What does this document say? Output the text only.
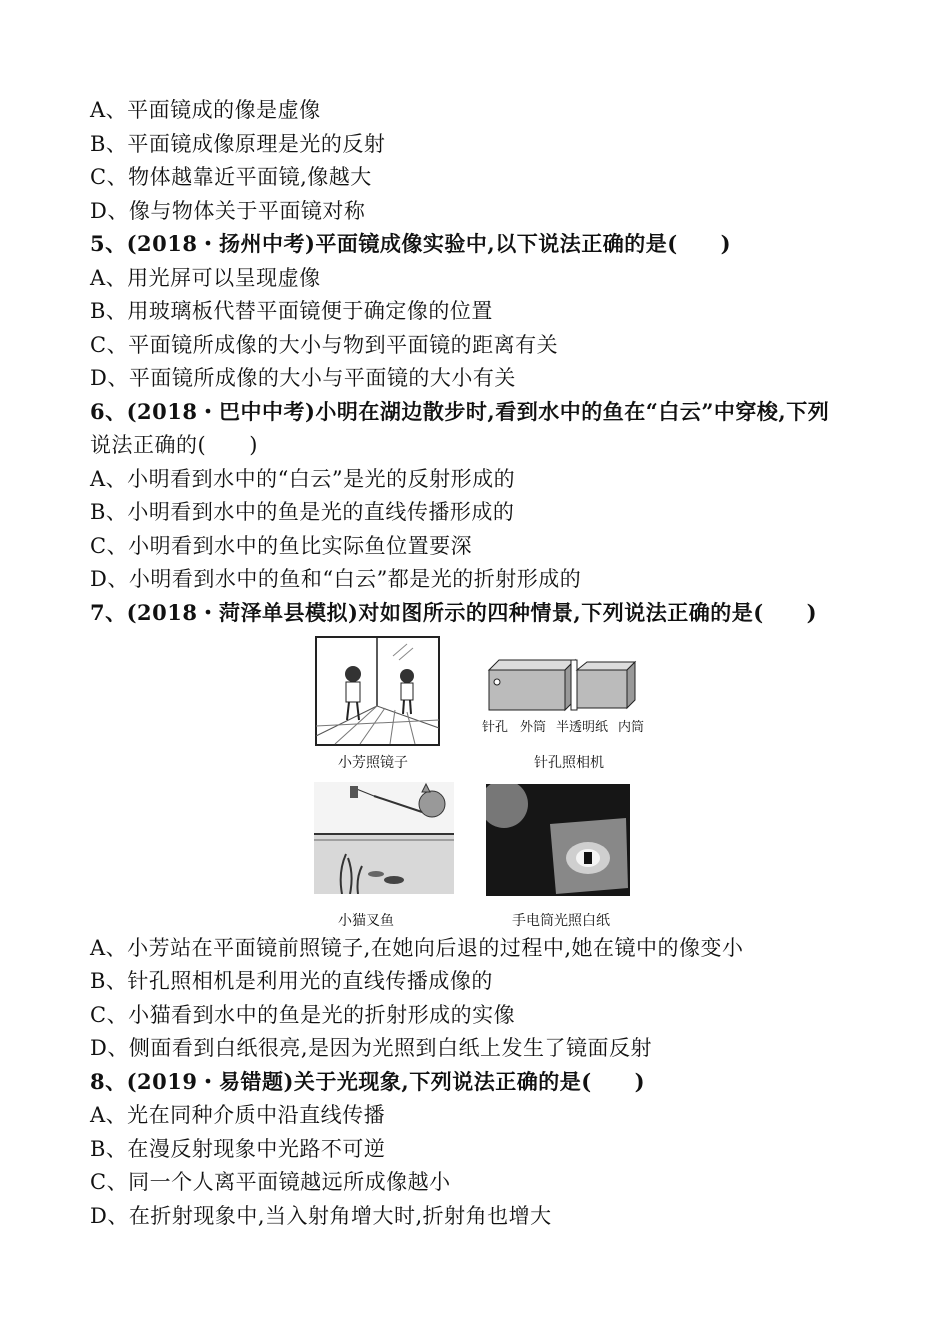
A、平面镜成的像是虚像
B、平面镜成像原理是光的反射
C、物体越靠近平面镜,像越大
D、像与物体关于平面镜对称
5、(2018・扬州中考)平面镜成像实验中,以下说法正确的是(　　)
A、用光屏可以呈现虚像
B、用玻璃板代替平面镜便于确定像的位置
C、平面镜所成像的大小与物到平面镜的距离有关
D、平面镜所成像的大小与平面镜的大小有关
6、(2018・巴中中考)小明在湖边散步时,看到水中的鱼在“白云”中穿梭,下列
说法正确的(　　)
A、小明看到水中的“白云”是光的反射形成的
B、小明看到水中的鱼是光的直线传播形成的
C、小明看到水中的鱼比实际鱼位置要深
D、小明看到水中的鱼和“白云”都是光的折射形成的
7、(2018・菏泽单县模拟)对如图所示的四种情景,下列说法正确的是(　　)
小芳照镜子
针孔 外筒 半透明纸 内筒
针孔照相机
小猫叉鱼	手电筒光照白纸
A、小芳站在平面镜前照镜子,在她向后退的过程中,她在镜中的像变小
B、针孔照相机是利用光的直线传播成像的
C、小猫看到水中的鱼是光的折射形成的实像
D、侧面看到白纸很亮,是因为光照到白纸上发生了镜面反射
8、(2019・易错题)关于光现象,下列说法正确的是(　　)
A、光在同种介质中沿直线传播
B、在漫反射现象中光路不可逆
C、同一个人离平面镜越远所成像越小
D、在折射现象中,当入射角增大时,折射角也增大
